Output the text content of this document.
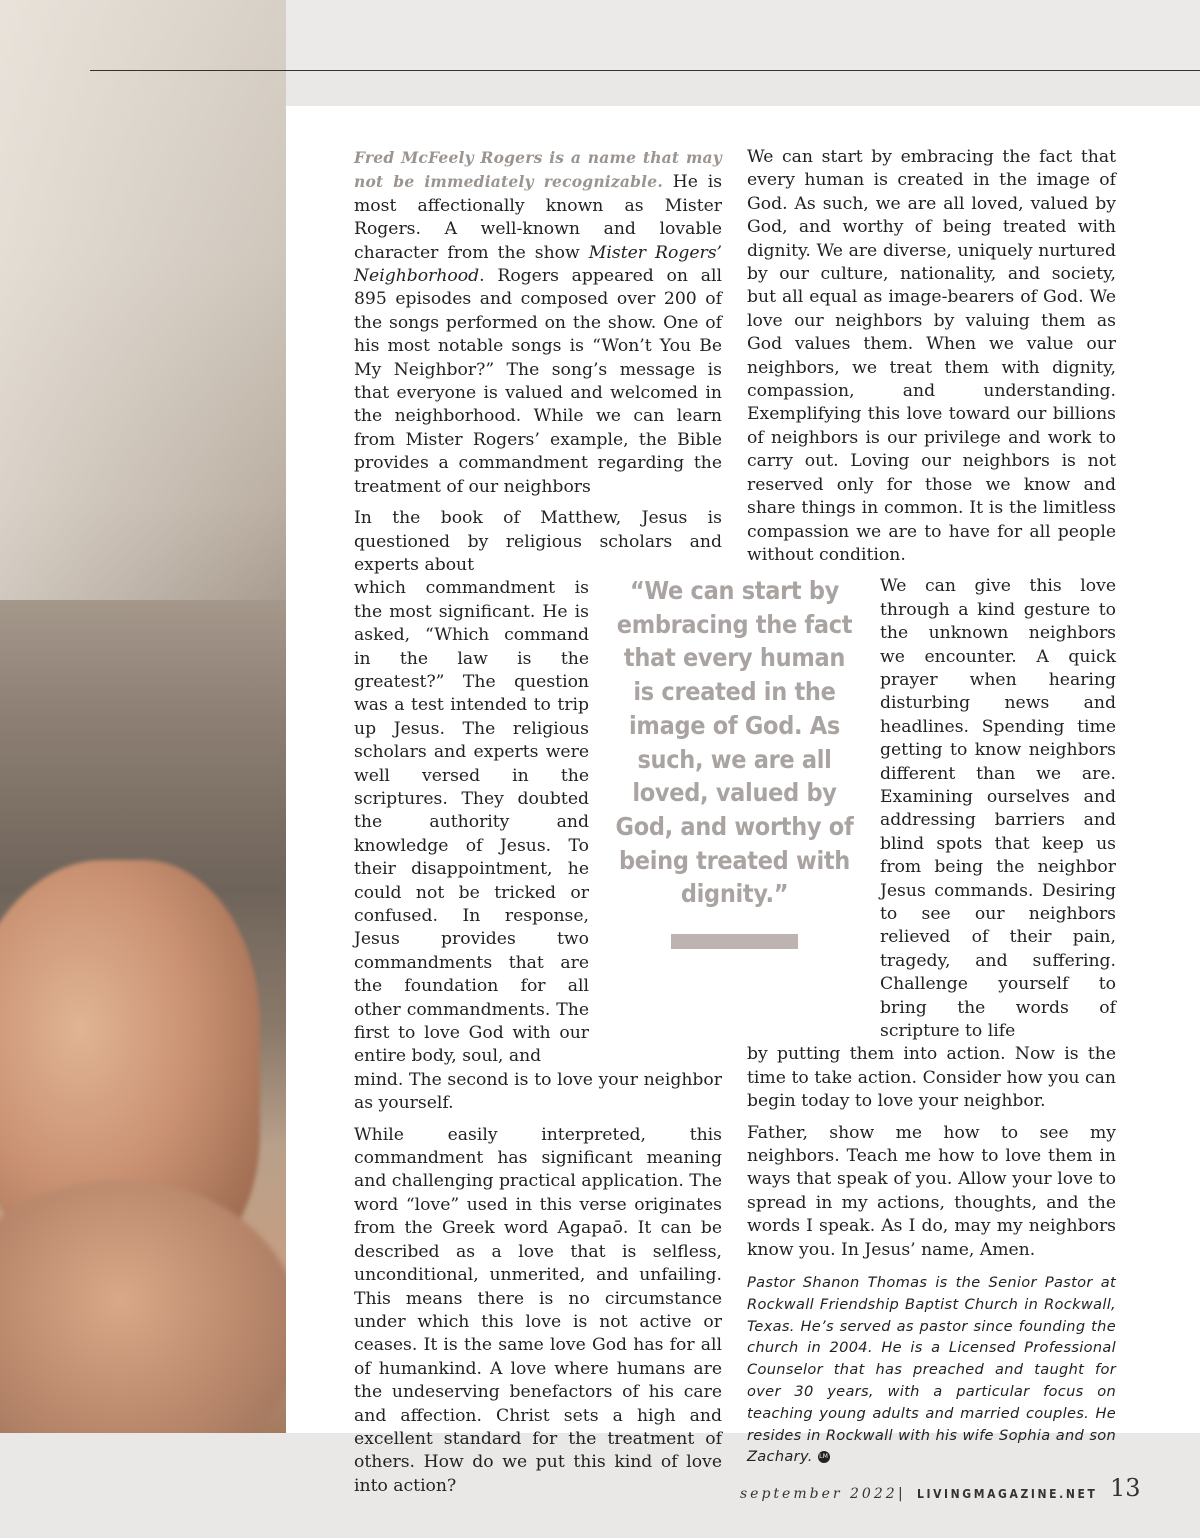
Fred McFeely Rogers is a name that may not be immediately recognizable. He is most affectionally known as Mister Rogers. A well-known and lovable character from the show Mister Rogers’ Neighborhood. Rogers appeared on all 895 episodes and composed over 200 of the songs performed on the show. One of his most notable songs is “Won’t You Be My Neighbor?” The song’s message is that everyone is valued and welcomed in the neighborhood. While we can learn from Mister Rogers’ example, the Bible provides a commandment regarding the treatment of our neighbors

In the book of Matthew, Jesus is questioned by religious scholars and experts about

which commandment is the most significant. He is asked, “Which command in the law is the greatest?” The question was a test intended to trip up Jesus. The religious scholars and experts were well versed in the scriptures. They doubted the authority and knowledge of Jesus. To their disappointment, he could not be tricked or confused. In response, Jesus provides two commandments that are the foundation for all other commandments. The first to love God with our entire body, soul, and

mind. The second is to love your neighbor as yourself.

While easily interpreted, this commandment has significant meaning and challenging practical application. The word “love” used in this verse originates from the Greek word Agapaō. It can be described as a love that is selfless, unconditional, unmerited, and unfailing. This means there is no circumstance under which this love is not active or ceases. It is the same love God has for all of humankind. A love where humans are the undeserving benefactors of his care and affection. Christ sets a high and excellent standard for the treatment of others. How do we put this kind of love into action?

We can start by embracing the fact that every human is created in the image of God. As such, we are all loved, valued by God, and worthy of being treated with dignity. We are diverse, uniquely nurtured by our culture, nationality, and society, but all equal as image-bearers of God. We love our neighbors by valuing them as God values them. When we value our neighbors, we treat them with dignity, compassion, and understanding. Exemplifying this love toward our billions of neighbors is our privilege and work to carry out. Loving our neighbors is not reserved only for those we know and share things in common. It is the limitless compassion we are to have for all people without condition.

We can give this love through a kind gesture to the unknown neighbors we encounter. A quick prayer when hearing disturbing news and headlines. Spending time getting to know neighbors different than we are. Examining ourselves and addressing barriers and blind spots that keep us from being the neighbor Jesus commands. Desiring to see our neighbors relieved of their pain, tragedy, and suffering. Challenge yourself to bring the words of scripture to life

by putting them into action. Now is the time to take action. Consider how you can begin today to love your neighbor.

Father, show me how to see my neighbors. Teach me how to love them in ways that speak of you. Allow your love to spread in my actions, thoughts, and the words I speak. As I do, may my neighbors know you. In Jesus’ name, Amen.

Pastor Shanon Thomas is the Senior Pastor at Rockwall Friendship Baptist Church in Rockwall, Texas. He’s served as pastor since founding the church in 2004. He is a Licensed Professional Counselor that has preached and taught for over 30 years, with a particular focus on teaching young adults and married couples. He resides in Rockwall with his wife Sophia and son Zachary. LM
“We can start by embracing the fact that every human is created in the image of God. As such, we are all loved, valued by God, and worthy of being treated with dignity.”
september 2022 | LIVINGMAGAZINE.NET 13
